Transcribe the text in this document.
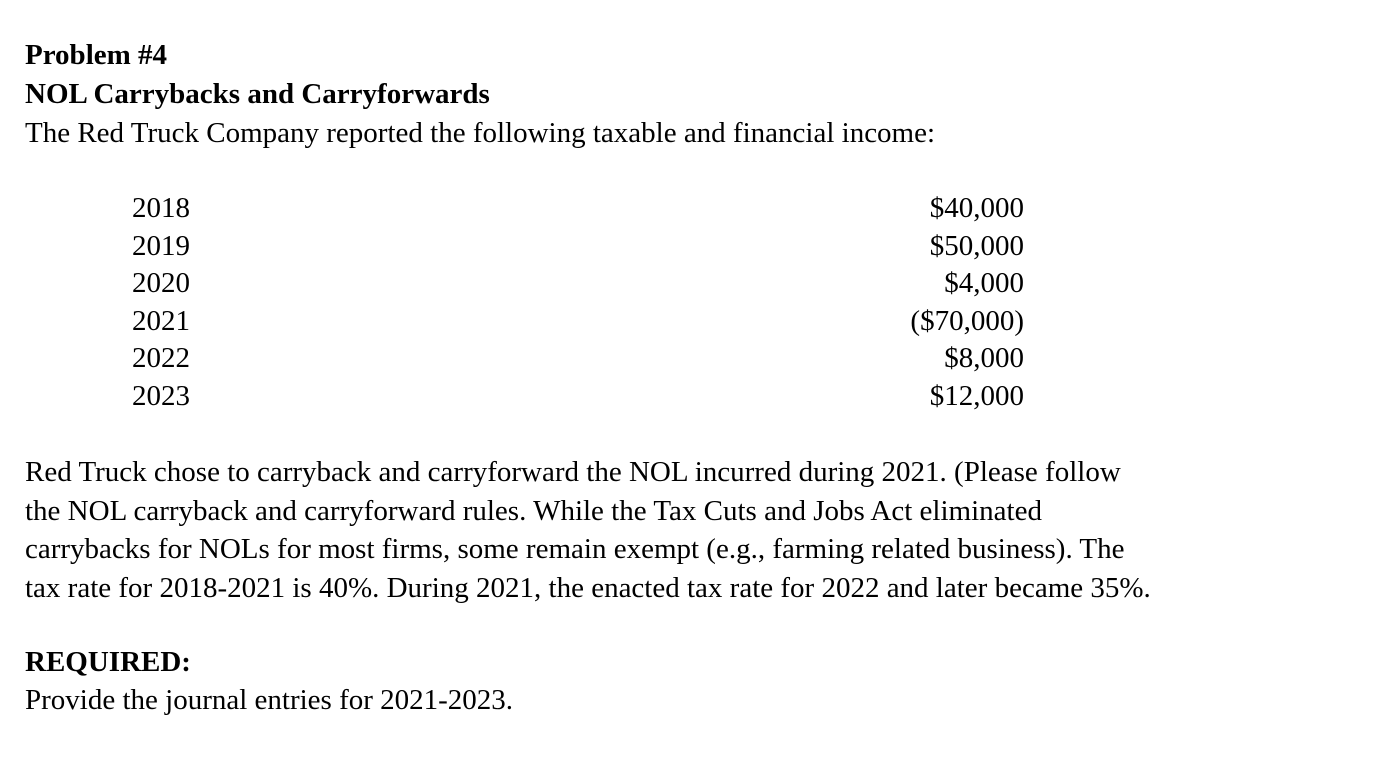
Problem #4

NOL Carrybacks and Carryforwards

The Red Truck Company reported the following taxable and financial income:

2018	$40,000
2019	$50,000
2020	$4,000
2021	($70,000)
2022	$8,000
2023	$12,000

Red Truck chose to carryback and carryforward the NOL incurred during 2021. (Please follow
the NOL carryback and carryforward rules. While the Tax Cuts and Jobs Act eliminated
carrybacks for NOLs for most firms, some remain exempt (e.g., farming related business). The
tax rate for 2018-2021 is 40%. During 2021, the enacted tax rate for 2022 and later became 35%.

REQUIRED:

Provide the journal entries for 2021-2023.
